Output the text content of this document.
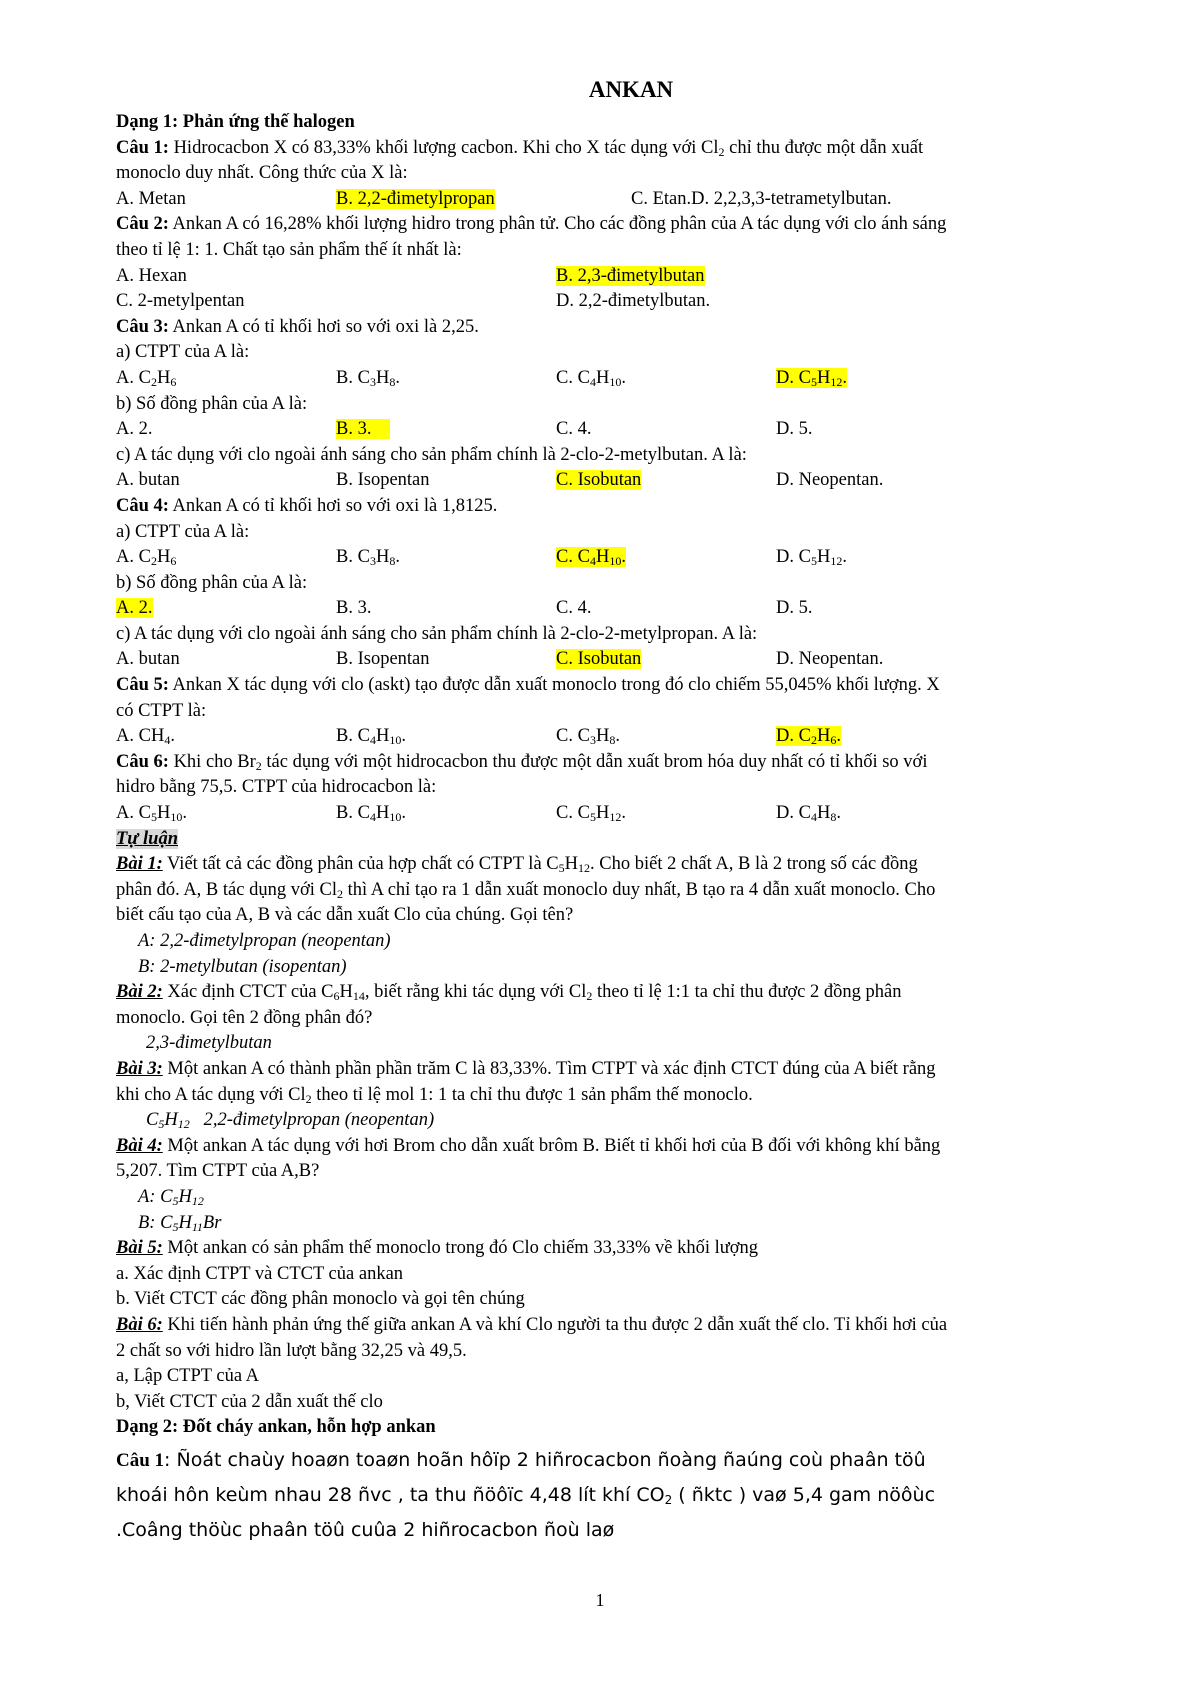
ANKAN
Dạng 1: Phản ứng thế halogen
Câu 1: Hidrocacbon X có 83,33% khối lượng cacbon. Khi cho X tác dụng với $Cl_2$ chỉ thu được một dẫn xuất
monoclo duy nhất. Công thức của X là:
A. Metan	B. 2,2-đimetylpropan	C. Etan.D. 2,2,3,3-tetrametylbutan.
Câu 2: Ankan A có 16,28% khối lượng hidro trong phân tử. Cho các đồng phân của A tác dụng với clo ánh sáng
theo tỉ lệ 1: 1. Chất tạo sản phẩm thế ít nhất là:
A. Hexan	B. 2,3-đimetylbutan
C. 2-metylpentan	D. 2,2-đimetylbutan.
Câu 3: Ankan A có tỉ khối hơi so với oxi là 2,25.
a) CTPT của A là:
A. $C_2H_6$	B. $C_3H_8$.	C. $C_4H_{10}$.	D. $C_5H_{12}$.
b) Số đồng phân của A là:
A. 2.	B. 3.	C. 4.	D. 5.
c) A tác dụng với clo ngoài ánh sáng cho sản phẩm chính là 2-clo-2-metylbutan. A là:
A. butan	B. Isopentan	C. Isobutan	D. Neopentan.
Câu 4: Ankan A có tỉ khối hơi so với oxi là 1,8125.
a) CTPT của A là:
A. $C_2H_6$	B. $C_3H_8$.	C. $C_4H_{10}$.	D. $C_5H_{12}$.
b) Số đồng phân của A là:
A. 2.	B. 3.	C. 4.	D. 5.
c) A tác dụng với clo ngoài ánh sáng cho sản phẩm chính là 2-clo-2-metylpropan. A là:
A. butan	B. Isopentan	C. Isobutan	D. Neopentan.
Câu 5: Ankan X tác dụng với clo (askt) tạo được dẫn xuất monoclo trong đó clo chiếm 55,045% khối lượng. X
có CTPT là:
A. $CH_4$.	B. $C_4H_{10}$.	C. $C_3H_8$.	D. $C_2H_6$.
Câu 6: Khi cho $Br_2$ tác dụng với một hidrocacbon thu được một dẫn xuất brom hóa duy nhất có tỉ khối so với
hidro bằng 75,5. CTPT của hidrocacbon là:
A. $C_5H_{10}$.	B. $C_4H_{10}$.	C. $C_5H_{12}$.	D. $C_4H_8$.
Tự luận
Bài 1: Viết tất cả các đồng phân của hợp chất có CTPT là $C_5H_{12}$. Cho biết 2 chất A, B là 2 trong số các đồng
phân đó. A, B tác dụng với $Cl_2$ thì A chỉ tạo ra 1 dẫn xuất monoclo duy nhất, B tạo ra 4 dẫn xuất monoclo. Cho
biết cấu tạo của A, B và các dẫn xuất Clo của chúng. Gọi tên?
A: 2,2-đimetylpropan (neopentan)
B: 2-metylbutan (isopentan)
Bài 2: Xác định CTCT của $C_6H_{14}$, biết rằng khi tác dụng với $Cl_2$ theo tỉ lệ 1:1 ta chỉ thu được 2 đồng phân
monoclo. Gọi tên 2 đồng phân đó?
2,3-đimetylbutan
Bài 3: Một ankan A có thành phần phần trăm C là 83,33%. Tìm CTPT và xác định CTCT đúng của A biết rằng
khi cho A tác dụng với $Cl_2$ theo tỉ lệ mol 1: 1 ta chỉ thu được 1 sản phẩm thế monoclo.
$C_5H_{12}$ 2,2-đimetylpropan (neopentan)
Bài 4: Một ankan A tác dụng với hơi Brom cho dẫn xuất brôm B. Biết tỉ khối hơi của B đối với không khí bằng
5,207. Tìm CTPT của A,B?
A: $C_5H_{12}$
B: $C_5H_{11}Br$
Bài 5: Một ankan có sản phẩm thế monoclo trong đó Clo chiếm 33,33% về khối lượng
a. Xác định CTPT và CTCT của ankan
b. Viết CTCT các đồng phân monoclo và gọi tên chúng
Bài 6: Khi tiến hành phản ứng thế giữa ankan A và khí Clo người ta thu được 2 dẫn xuất thế clo. Tỉ khối hơi của
2 chất so với hidro lần lượt bằng 32,25 và 49,5.
a, Lập CTPT của A
b, Viết CTCT của 2 dẫn xuất thế clo
Dạng 2: Đốt cháy ankan, hỗn hợp ankan
Câu 1: Ñoát chaùy hoaøn toaøn hoãn hôïp 2 hiñrocacbon ñoàng ñaúng coù phaân töû
khoái hôn keùm nhau 28 ñvc , ta thu ñöôïc 4,48 lít khí $CO_2$ ( ñktc ) vaø 5,4 gam nöôùc
.Coâng thöùc phaân töû cuûa 2 hiñrocacbon ñoù laø
1
